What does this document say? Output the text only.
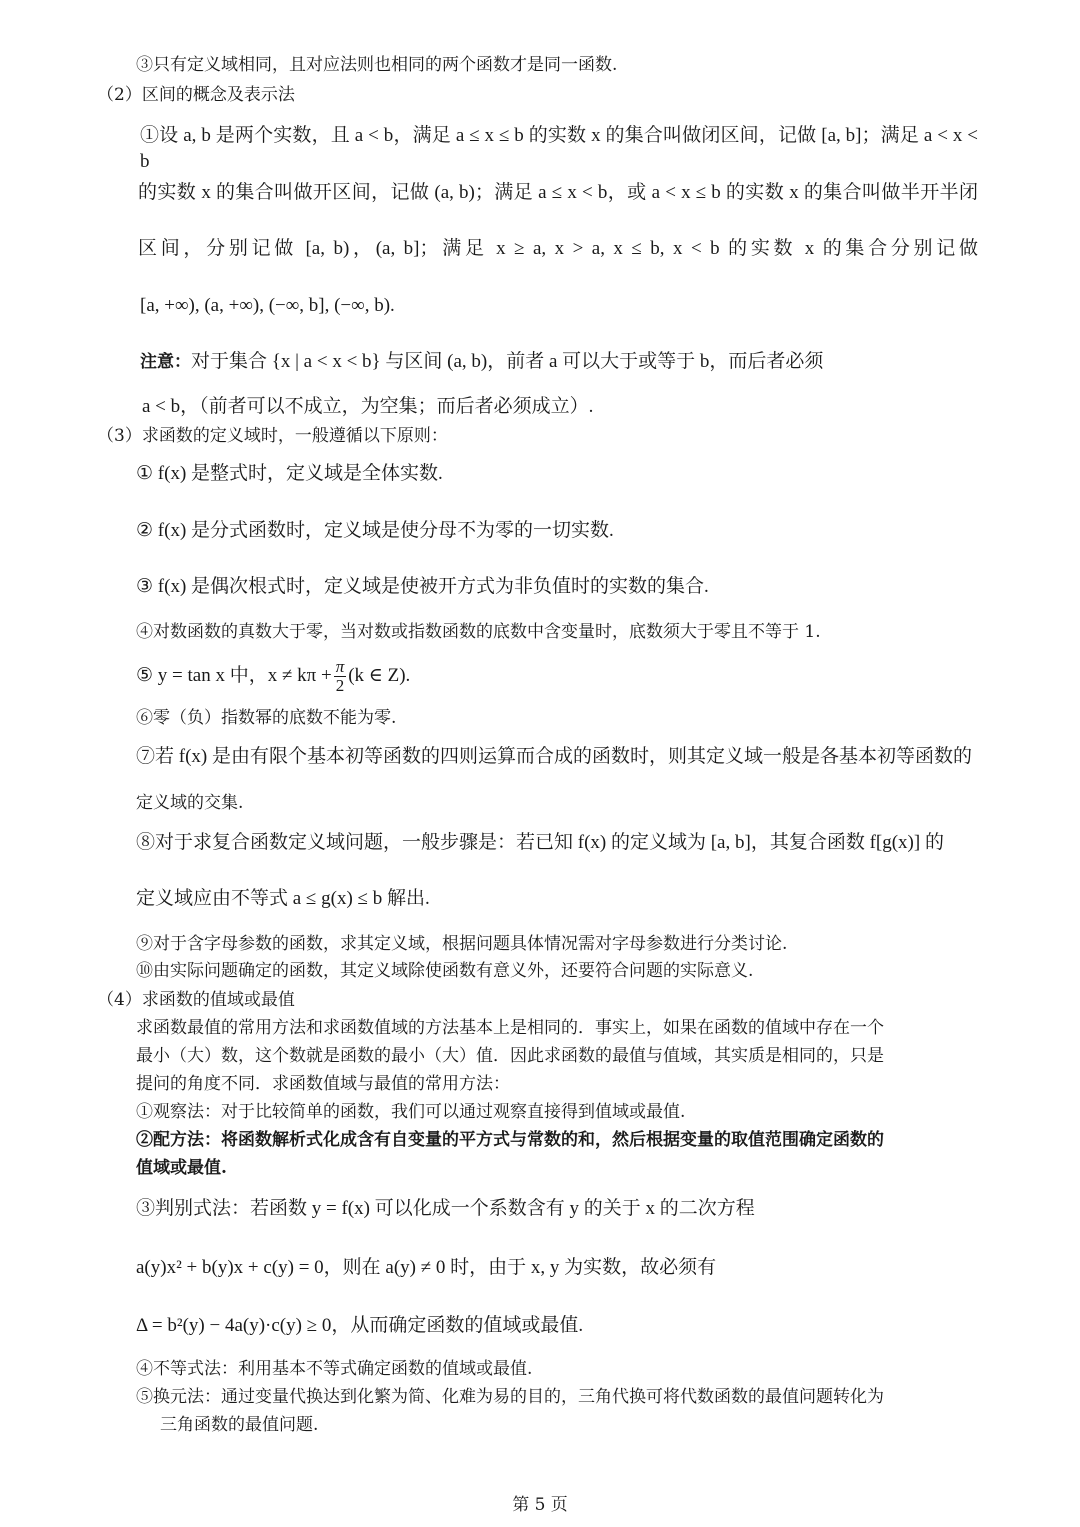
③只有定义域相同，且对应法则也相同的两个函数才是同一函数.
（2）区间的概念及表示法
①设 a, b 是两个实数，且 a < b，满足 a ≤ x ≤ b 的实数 x 的集合叫做闭区间，记做 [a, b]；满足 a < x < b
的实数 x 的集合叫做开区间，记做 (a, b)；满足 a ≤ x < b，或 a < x ≤ b 的实数 x 的集合叫做半开半闭
区间，分别记做 [a, b)，(a, b]；满足 x ≥ a, x > a, x ≤ b, x < b 的实数 x 的集合分别记做
[a, +∞), (a, +∞), (−∞, b], (−∞, b).
注意：对于集合 {x | a < x < b} 与区间 (a, b)，前者 a 可以大于或等于 b，而后者必须
a < b，（前者可以不成立，为空集；而后者必须成立）.
（3）求函数的定义域时，一般遵循以下原则：
① f(x) 是整式时，定义域是全体实数.
② f(x) 是分式函数时，定义域是使分母不为零的一切实数.
③ f(x) 是偶次根式时，定义域是使被开方式为非负值时的实数的集合.
④对数函数的真数大于零，当对数或指数函数的底数中含变量时，底数须大于零且不等于 1.
⑤ y = tan x 中，$x \ne k\pi + \frac{\pi}{2} (k$ ∈ Z).
⑥零（负）指数幂的底数不能为零.
⑦若 f(x) 是由有限个基本初等函数的四则运算而合成的函数时，则其定义域一般是各基本初等函数的
定义域的交集.
⑧对于求复合函数定义域问题，一般步骤是：若已知 f(x) 的定义域为 [a, b]，其复合函数 f[g(x)] 的
定义域应由不等式 a ≤ g(x) ≤ b 解出.
⑨对于含字母参数的函数，求其定义域，根据问题具体情况需对字母参数进行分类讨论.
⑩由实际问题确定的函数，其定义域除使函数有意义外，还要符合问题的实际意义.
（4）求函数的值域或最值
求函数最值的常用方法和求函数值域的方法基本上是相同的．事实上，如果在函数的值域中存在一个
最小（大）数，这个数就是函数的最小（大）值．因此求函数的最值与值域，其实质是相同的，只是
提问的角度不同．求函数值域与最值的常用方法：
①观察法：对于比较简单的函数，我们可以通过观察直接得到值域或最值.
②配方法：将函数解析式化成含有自变量的平方式与常数的和，然后根据变量的取值范围确定函数的
值域或最值.
③判别式法：若函数 y = f(x) 可以化成一个系数含有 y 的关于 x 的二次方程
a(y)x² + b(y)x + c(y) = 0，则在 a(y) ≠ 0 时，由于 x, y 为实数，故必须有
Δ = b²(y) − 4a(y)·c(y) ≥ 0，从而确定函数的值域或最值.
④不等式法：利用基本不等式确定函数的值域或最值.
⑤换元法：通过变量代换达到化繁为简、化难为易的目的，三角代换可将代数函数的最值问题转化为
三角函数的最值问题.
第 5 页
